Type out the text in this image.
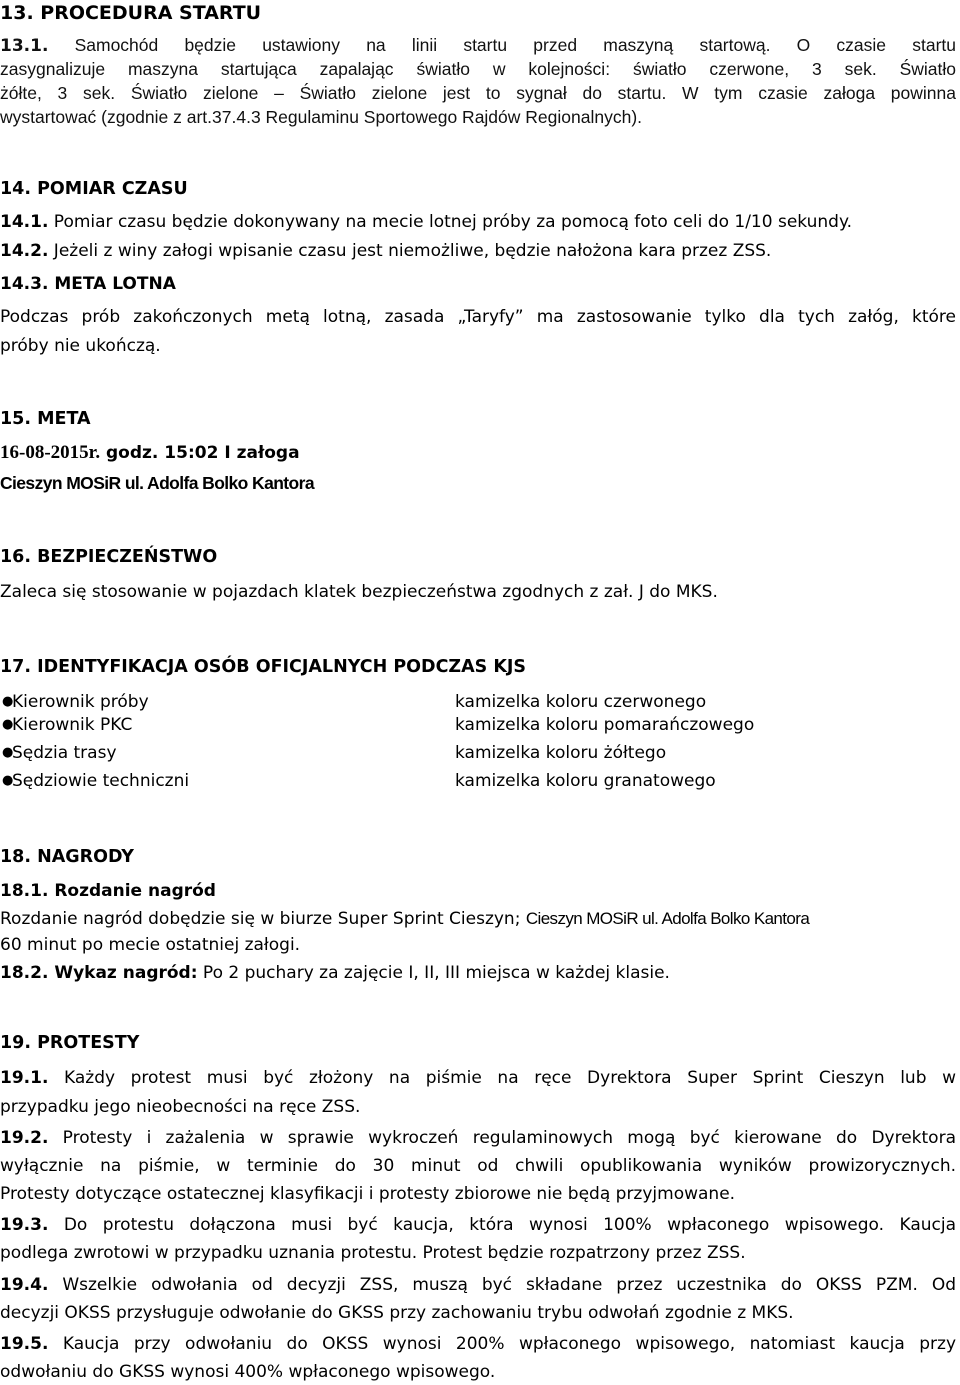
13. PROCEDURA STARTU
13.1. Samochód będzie ustawiony na linii startu przed maszyną startową. O czasie startu
zasygnalizuje maszyna startująca zapalając światło w kolejności: światło czerwone, 3 sek. Światło
żółte, 3 sek. Światło zielone – Światło zielone jest to sygnał do startu. W tym czasie załoga powinna
wystartować (zgodnie z art.37.4.3 Regulaminu Sportowego Rajdów Regionalnych).
14. POMIAR CZASU
14.1. Pomiar czasu będzie dokonywany na mecie lotnej próby za pomocą foto celi do 1/10 sekundy.
14.2. Jeżeli z winy załogi wpisanie czasu jest niemożliwe, będzie nałożona kara przez ZSS.
14.3. META LOTNA
Podczas prób zakończonych metą lotną, zasada „Taryfy” ma zastosowanie tylko dla tych załóg, które
próby nie ukończą.
15. META
16-08-2015r. godz. 15:02 I załoga
Cieszyn MOSiR ul. Adolfa Bolko Kantora
16. BEZPIECZEŃSTWO
Zaleca się stosowanie w pojazdach klatek bezpieczeństwa zgodnych z zał. J do MKS.
17. IDENTYFIKACJA OSÓB OFICJALNYCH PODCZAS KJS
●
Kierownik próby	kamizelka koloru czerwonego
●
Kierownik PKC	kamizelka koloru pomarańczowego
●
Sędzia trasy	kamizelka koloru żółtego
●
Sędziowie techniczni	kamizelka koloru granatowego
18. NAGRODY
18.1. Rozdanie nagród
Rozdanie nagród dobędzie się w biurze Super Sprint Cieszyn; Cieszyn MOSiR ul. Adolfa Bolko Kantora
60 minut po mecie ostatniej załogi.
18.2. Wykaz nagród: Po 2 puchary za zajęcie I, II, III miejsca w każdej klasie.
19. PROTESTY
19.1. Każdy protest musi być złożony na piśmie na ręce Dyrektora Super Sprint Cieszyn lub w
przypadku jego nieobecności na ręce ZSS.
19.2. Protesty i zażalenia w sprawie wykroczeń regulaminowych mogą być kierowane do Dyrektora
wyłącznie na piśmie, w terminie do 30 minut od chwili opublikowania wyników prowizorycznych.
Protesty dotyczące ostatecznej klasyfikacji i protesty zbiorowe nie będą przyjmowane.
19.3. Do protestu dołączona musi być kaucja, która wynosi 100% wpłaconego wpisowego. Kaucja
podlega zwrotowi w przypadku uznania protestu. Protest będzie rozpatrzony przez ZSS.
19.4. Wszelkie odwołania od decyzji ZSS, muszą być składane przez uczestnika do OKSS PZM. Od
decyzji OKSS przysługuje odwołanie do GKSS przy zachowaniu trybu odwołań zgodnie z MKS.
19.5. Kaucja przy odwołaniu do OKSS wynosi 200% wpłaconego wpisowego, natomiast kaucja przy
odwołaniu do GKSS wynosi 400% wpłaconego wpisowego.
